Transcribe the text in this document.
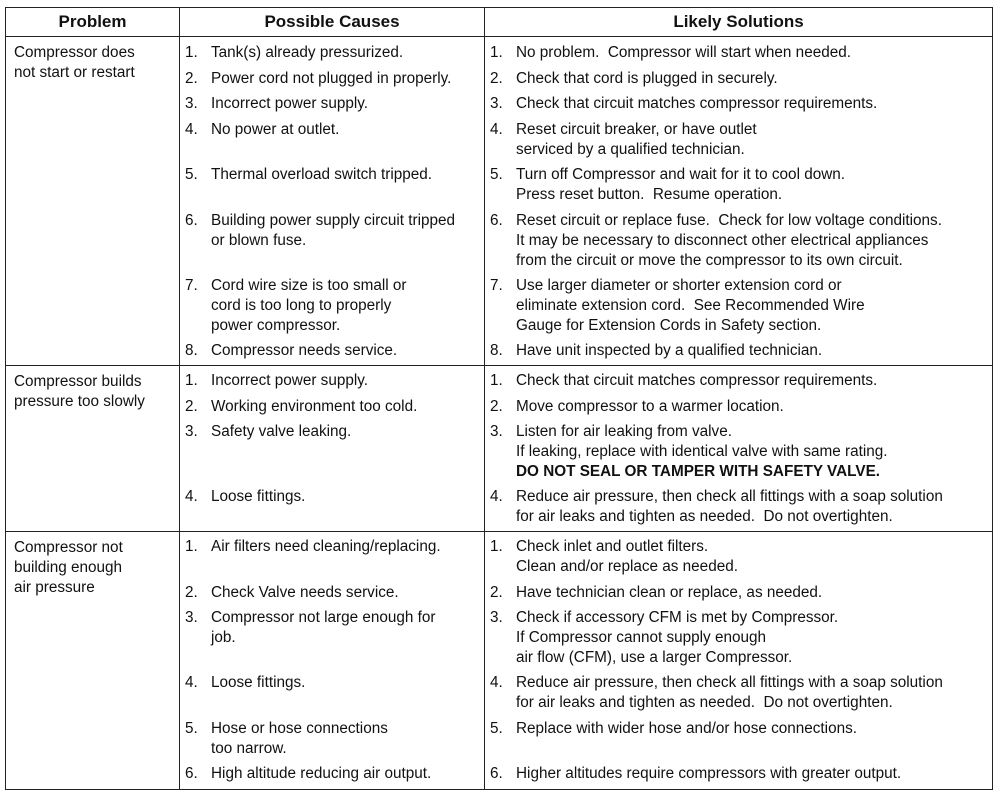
Problem	Possible Causes	Likely Solutions
Compressor does
not start or restart
1. Tank(s) already pressurized.
2. Power cord not plugged in properly.
3. Incorrect power supply.
4. No power at outlet.
5. Thermal overload switch tripped.
6. Building power supply circuit tripped
or blown fuse.
7. Cord wire size is too small or
cord is too long to properly
power compressor.
8. Compressor needs service.
1. No problem.  Compressor will start when needed.
2. Check that cord is plugged in securely.
3. Check that circuit matches compressor requirements.
4. Reset circuit breaker, or have outlet
serviced by a qualified technician.
5. Turn off Compressor and wait for it to cool down.
Press reset button.  Resume operation.
6. Reset circuit or replace fuse.  Check for low voltage conditions.
It may be necessary to disconnect other electrical appliances
from the circuit or move the compressor to its own circuit.
7. Use larger diameter or shorter extension cord or
eliminate extension cord.  See Recommended Wire
Gauge for Extension Cords in Safety section.
8. Have unit inspected by a qualified technician.
Compressor builds
pressure too slowly
1. Incorrect power supply.
2. Working environment too cold.
3. Safety valve leaking.
4. Loose fittings.
1. Check that circuit matches compressor requirements.
2. Move compressor to a warmer location.
3. Listen for air leaking from valve.
If leaking, replace with identical valve with same rating.
DO NOT SEAL OR TAMPER WITH SAFETY VALVE.
4. Reduce air pressure, then check all fittings with a soap solution
for air leaks and tighten as needed.  Do not overtighten.
Compressor not
building enough
air pressure
1. Air filters need cleaning/replacing.
2. Check Valve needs service.
3. Compressor not large enough for
job.
4. Loose fittings.
5. Hose or hose connections
too narrow.
6. High altitude reducing air output.
1. Check inlet and outlet filters.
Clean and/or replace as needed.
2. Have technician clean or replace, as needed.
3. Check if accessory CFM is met by Compressor.
If Compressor cannot supply enough
air flow (CFM), use a larger Compressor.
4. Reduce air pressure, then check all fittings with a soap solution
for air leaks and tighten as needed.  Do not overtighten.
5. Replace with wider hose and/or hose connections.
6. Higher altitudes require compressors with greater output.
